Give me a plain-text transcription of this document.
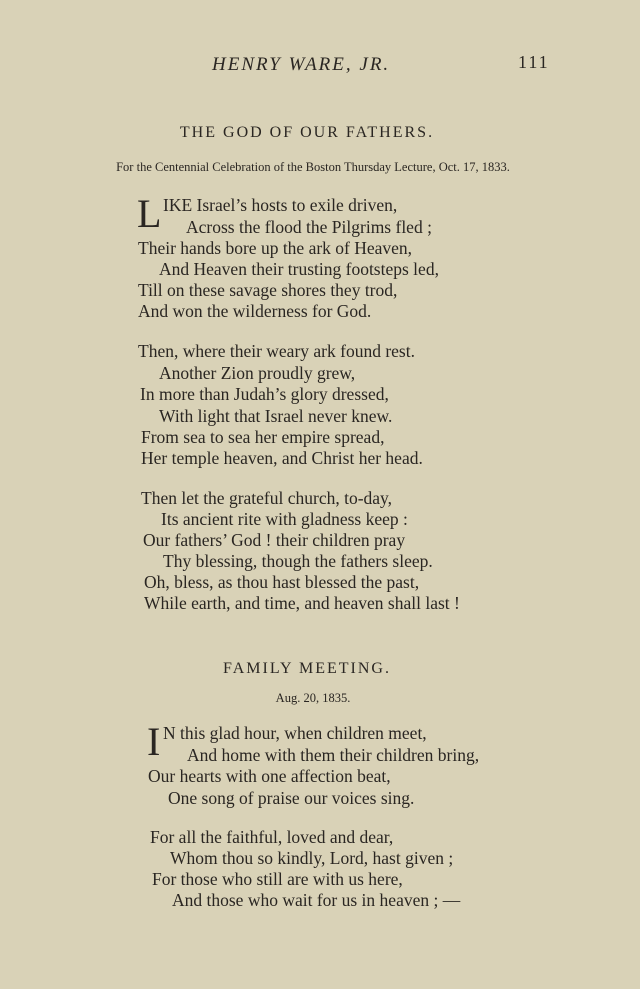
HENRY WARE, JR.	111
THE GOD OF OUR FATHERS.
For the Centennial Celebration of the Boston Thursday Lecture, Oct. 17, 1833.
L IKE Israel’s hosts to exile driven,
Across the flood the Pilgrims fled ;
Their hands bore up the ark of Heaven,
And Heaven their trusting footsteps led,
Till on these savage shores they trod,
And won the wilderness for God.
Then, where their weary ark found rest.
Another Zion proudly grew,
In more than Judah’s glory dressed,
With light that Israel never knew.
From sea to sea her empire spread,
Her temple heaven, and Christ her head.
Then let the grateful church, to-day,
Its ancient rite with gladness keep :
Our fathers’ God ! their children pray
Thy blessing, though the fathers sleep.
Oh, bless, as thou hast blessed the past,
While earth, and time, and heaven shall last !
FAMILY MEETING.
Aug. 20, 1835.
I N this glad hour, when children meet,
And home with them their children bring,
Our hearts with one affection beat,
One song of praise our voices sing.
For all the faithful, loved and dear,
Whom thou so kindly, Lord, hast given ;
For those who still are with us here,
And those who wait for us in heaven ; —
